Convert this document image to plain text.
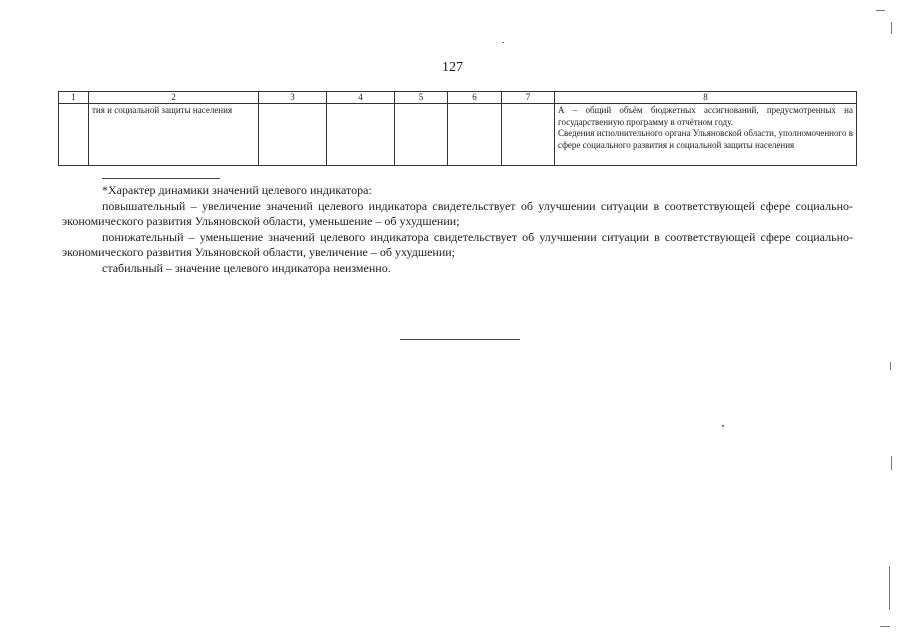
127
1	2	3	4	5	6	7	8
	тия и социальной защиты населения						А – общий объём бюджетных ассигнований, предусмотренных на государственную программу в отчётном году.

Сведения исполнительного органа Ульяновской области, уполномоченного в сфере социального развития и социальной защиты населения

*Характер динамики значений целевого индикатора:

повышательный – увеличение значений целевого индикатора свидетельствует об улучшении ситуации в соответствующей сфере социально-экономического развития Ульяновской области, уменьшение – об ухудшении;

понижательный – уменьшение значений целевого индикатора свидетельствует об улучшении ситуации в соответствующей сфере социально-экономического развития Ульяновской области, увеличение – об ухудшении;

стабильный – значение целевого индикатора неизменно.
